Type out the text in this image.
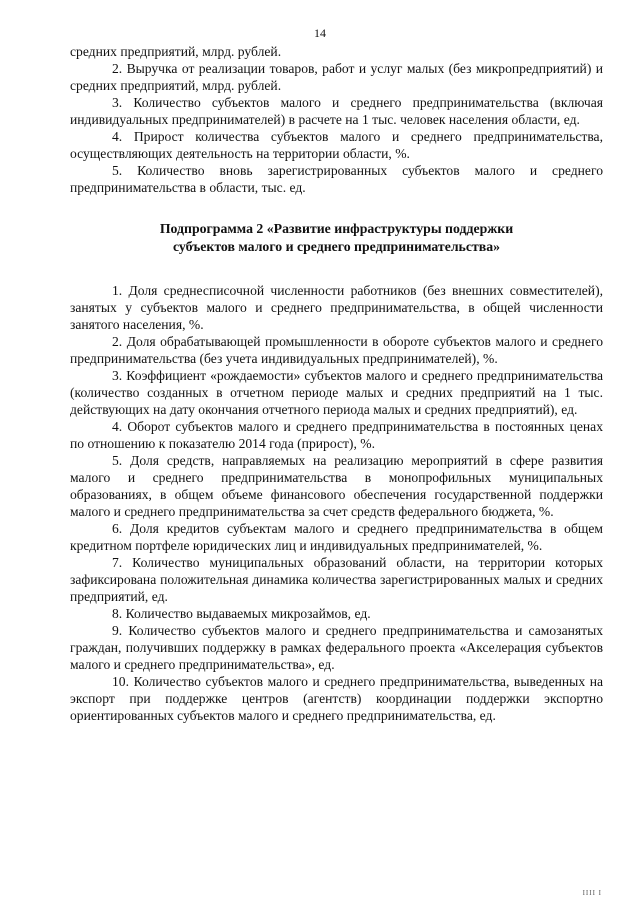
14

средних предприятий, млрд. рублей.

2. Выручка от реализации товаров, работ и услуг малых (без микропредприятий) и средних предприятий, млрд. рублей.

3. Количество субъектов малого и среднего предпринимательства (включая индивидуальных предпринимателей) в расчете на 1 тыс. человек населения области, ед.

4. Прирост количества субъектов малого и среднего предпринимательства, осуществляющих деятельность на территории области, %.

5. Количество вновь зарегистрированных субъектов малого и среднего предпринимательства в области, тыс. ед.

Подпрограмма 2 «Развитие инфраструктуры поддержки
субъектов малого и среднего предпринимательства»

1. Доля среднесписочной численности работников (без внешних совместителей), занятых у субъектов малого и среднего предпринимательства, в общей численности занятого населения, %.

2. Доля обрабатывающей промышленности в обороте субъектов малого и среднего предпринимательства (без учета индивидуальных предпринимателей), %.

3. Коэффициент «рождаемости» субъектов малого и среднего предпринимательства (количество созданных в отчетном периоде малых и средних предприятий на 1 тыс. действующих на дату окончания отчетного периода малых и средних предприятий), ед.

4. Оборот субъектов малого и среднего предпринимательства в постоянных ценах по отношению к показателю 2014 года (прирост), %.

5. Доля средств, направляемых на реализацию мероприятий в сфере развития малого и среднего предпринимательства в монопрофильных муниципальных образованиях, в общем объеме финансового обеспечения государственной поддержки малого и среднего предпринимательства за счет средств федерального бюджета, %.

6. Доля кредитов субъектам малого и среднего предпринимательства в общем кредитном портфеле юридических лиц и индивидуальных предпринимателей, %.

7. Количество муниципальных образований области, на территории которых зафиксирована положительная динамика количества зарегистрированных малых и средних предприятий, ед.

8. Количество выдаваемых микрозаймов, ед.

9. Количество субъектов малого и среднего предпринимательства и самозанятых граждан, получивших поддержку в рамках федерального проекта «Акселерация субъектов малого и среднего предпринимательства», ед.

10. Количество субъектов малого и среднего предпринимательства, выведенных на экспорт при поддержке центров (агентств) координации поддержки экспортно ориентированных субъектов малого и среднего предпринимательства, ед.

ІІІІ І
